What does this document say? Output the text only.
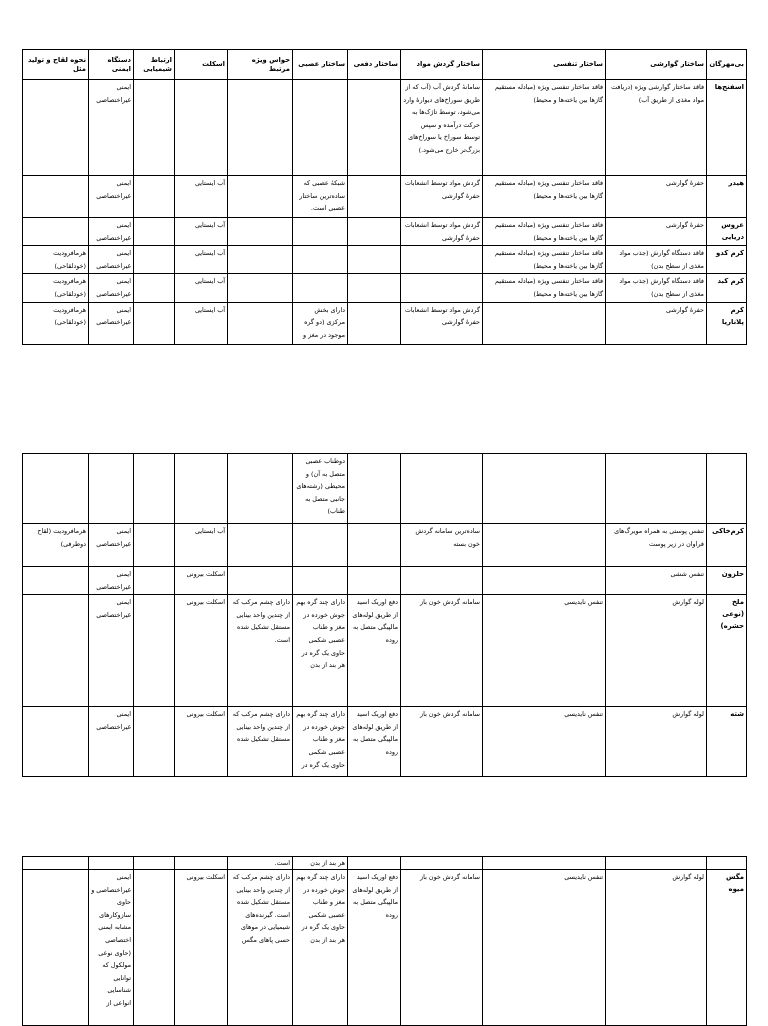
بی‌مهرگان	ساختار گوارشی	ساختار تنفسی	ساختار گردش مواد	ساختار دفعی	ساختار عصبی	حواس ویژه مرتبط	اسکلت	ارتباط شیمیایی	دستگاه ایمنی	نحوه لقاح و تولید مثل
اسفنج‌ها	فاقد ساختار گوارشی ویژه (دریافت مواد مغذی از طریق آب)	فاقد ساختار تنفسی ویژه (مبادله مستقیم گازها بین یاخته‌ها و محیط)	سامانهٔ گردش آب (آب که از طریق سوراخ‌های دیوارهٔ وارد می‌شود، توسط تاژک‌ها به حرکت درآمده و سپس توسط سوراخ یا سوراخ‌های بزرگ‌تر خارج می‌شود.)						ایمنی غیراختصاصی	
هیدر	حفرهٔ گوارشی	فاقد ساختار تنفسی ویژه (مبادله مستقیم گازها بین یاخته‌ها و محیط)	گردش مواد توسط انشعابات حفرهٔ گوارشی		شبکهٔ عصبی که ساده‌ترین ساختار عصبی است.		آب ایستایی		ایمنی غیراختصاصی	
عروس دریایی	حفرهٔ گوارشی	فاقد ساختار تنفسی ویژه (مبادله مستقیم گازها بین یاخته‌ها و محیط)	گردش مواد توسط انشعابات حفرهٔ گوارشی				آب ایستایی		ایمنی غیراختصاصی	
کرم کدو	فاقد دستگاه گوارش (جذب مواد مغذی از سطح بدن)	فاقد ساختار تنفسی ویژه (مبادله مستقیم گازها بین یاخته‌ها و محیط)					آب ایستایی		ایمنی غیراختصاصی	هرمافرودیت (خودلقاحی)
کرم کبد	فاقد دستگاه گوارش (جذب مواد مغذی از سطح بدن)	فاقد ساختار تنفسی ویژه (مبادله مستقیم گازها بین یاخته‌ها و محیط)					آب ایستایی		ایمنی غیراختصاصی	هرمافرودیت (خودلقاحی)
کرم پلاناریا	حفرهٔ گوارشی		گردش مواد توسط انشعابات حفرهٔ گوارشی		دارای بخش مرکزی (دو گره موجود در مغز و		آب ایستایی		ایمنی غیراختصاصی	هرمافرودیت (خودلقاحی)
					دوطناب عصبی متصل به آن) و محیطی (رشته‌های جانبی متصل به طناب)					
کرم‌خاکی	تنفس پوستی به همراه مویرگ‌های فراوان در زیر پوست		ساده‌ترین سامانه گردش خون بسته				آب ایستایی		ایمنی غیراختصاصی	هرمافرودیت (لقاح دوطرفی)
حلزون	تنفس ششی						اسکلت بیرونی		ایمنی غیراختصاصی	
ملخ (نوعی حشره)	لوله گوارش	تنفس نایدیسی	سامانه گردش خون باز	دفع اوریک اسید از طریق لوله‌های مالپیگی متصل به روده	دارای چند گره بهم جوش خورده در مغز و طناب عصبی شکمی حاوی یک گره در هر بند از بدن	دارای چشم مرکب که از چندین واحد بینایی مستقل تشکیل شده است.	اسکلت بیرونی		ایمنی غیراختصاصی	
شته	لوله گوارش	تنفس نایدیسی	سامانه گردش خون باز	دفع اوریک اسید از طریق لوله‌های مالپیگی متصل به روده	دارای چند گره بهم جوش خورده در مغز و طناب عصبی شکمی حاوی یک گره در	دارای چشم مرکب که از چندین واحد بینایی مستقل تشکیل شده	اسکلت بیرونی		ایمنی غیراختصاصی	
					هر بند از بدن	است.				
مگس میوه	لوله گوارش	تنفس نایدیسی	سامانه گردش خون باز	دفع اوریک اسید از طریق لوله‌های مالپیگی متصل به روده	دارای چند گره بهم جوش خورده در مغز و طناب عصبی شکمی حاوی یک گره در هر بند از بدن	دارای چشم مرکب که از چندین واحد بینایی مستقل تشکیل شده است. گیرنده‌های شیمیایی در موهای حسی پاهای مگس	اسکلت بیرونی		ایمنی غیراختصاصی و حاوی سازوکارهای مشابه ایمنی اختصاصی (حاوی نوعی مولکول که توانایی شناسایی انواعی از	
